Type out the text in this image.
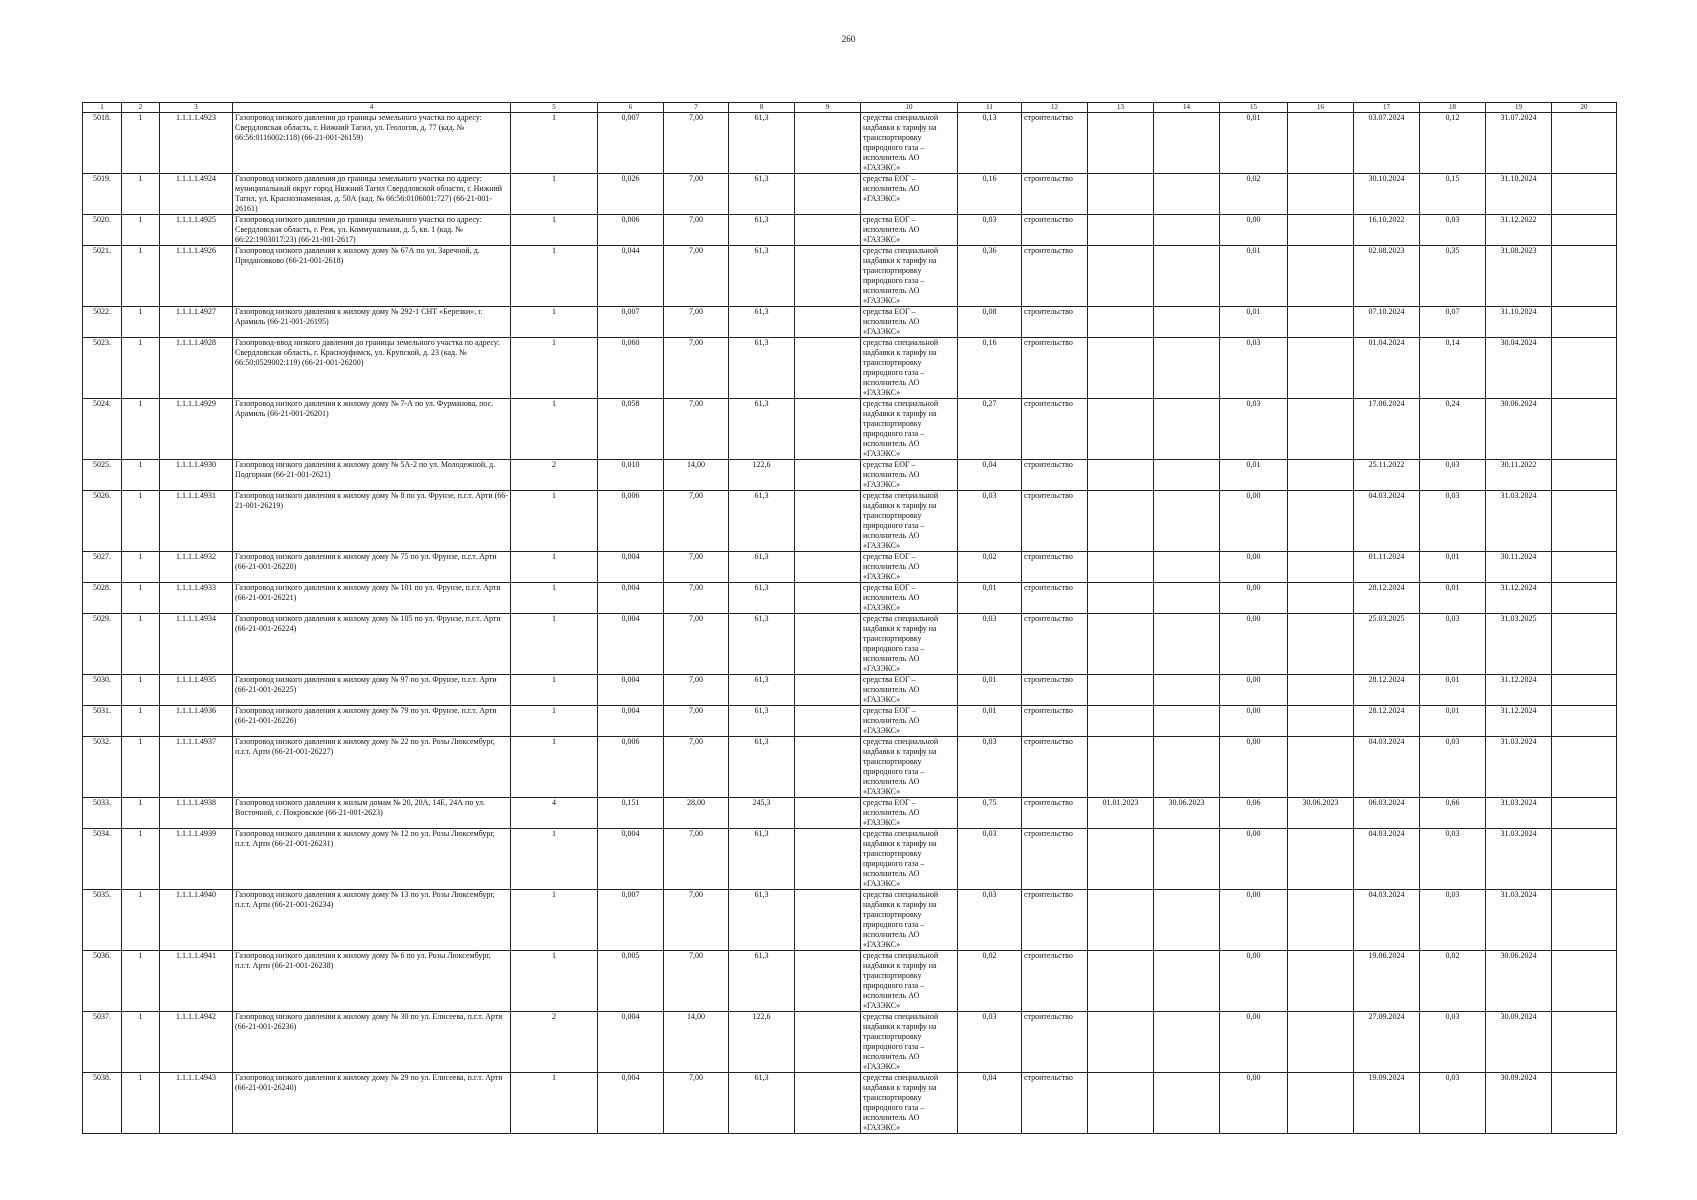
260
1	2	3	4	5	6	7	8	9	10	11	12	13	14	15	16	17	18	19	20
5018.	1	1.1.1.1.4923	Газопровод низкого давления до границы земельного участка по адресу: Свердловская область, г. Нижний Тагил, ул. Геологов, д. 77 (кад. № 66:56:0116002:118) (66-21-001-26159)	1	0,007	7,00	61,3		средства специальной надбавки к тарифу на транспортировку природного газа – исполнитель АО «ГАЗЭКС»	0,13	строительство			0,01		03.07.2024	0,12	31.07.2024	
5019.	1	1.1.1.1.4924	Газопровод низкого давления до границы земельного участка по адресу: муниципальный округ город Нижний Тагил Свердловской области, г. Нижний Тагил, ул. Краснознаменная, д. 50А (кад. № 66:56:0106001:727) (66-21-001-26161)	1	0,026	7,00	61,3		средства ЕОГ – исполнитель АО «ГАЗЭКС»	0,16	строительство			0,02		30.10.2024	0,15	31.10.2024	
5020.	1	1.1.1.1.4925	Газопровод низкого давления до границы земельного участка по адресу: Свердловская область, г. Реж, ул. Коммунальная, д. 5, кв. 1 (кад. № 66:22:1903017:23) (66-21-001-2617)	1	0,006	7,00	61,3		средства ЕОГ – исполнитель АО «ГАЗЭКС»	0,03	строительство			0,00		16.10.2022	0,03	31.12.2022	
5021.	1	1.1.1.1.4926	Газопровод низкого давления к жилому дому № 67А по ул. Заречной, д. Придановково (66-21-001-2618)	1	0,044	7,00	61,3		средства специальной надбавки к тарифу на транспортировку природного газа – исполнитель АО «ГАЗЭКС»	0,36	строительство			0,01		02.08.2023	0,35	31.08.2023	
5022.	1	1.1.1.1.4927	Газопровод низкого давления к жилому дому № 292-1 СНТ «Березки», г. Арамиль (66-21-001-26195)	1	0,007	7,00	61,3		средства ЕОГ – исполнитель АО «ГАЗЭКС»	0,08	строительство			0,01		07.10.2024	0,07	31.10.2024	
5023.	1	1.1.1.1.4928	Газопровод-ввод низкого давления до границы земельного участка по адресу: Свердловская область, г. Красноуфимск, ул. Крупской, д. 23 (кад. № 66:50:0529002:119) (66-21-001-26200)	1	0,060	7,00	61,3		средства специальной надбавки к тарифу на транспортировку природного газа – исполнитель АО «ГАЗЭКС»	0,16	строительство			0,03		01.04.2024	0,14	30.04.2024	
5024.	1	1.1.1.1.4929	Газопровод низкого давления к жилому дому № 7-А по ул. Фурманова, пос. Арамиль (66-21-001-26201)	1	0,058	7,00	61,3		средства специальной надбавки к тарифу на транспортировку природного газа – исполнитель АО «ГАЗЭКС»	0,27	строительство			0,03		17.06.2024	0,24	30.06.2024	
5025.	1	1.1.1.1.4930	Газопровод низкого давления к жилому дому № 5А-2 по ул. Молодежной, д. Подгорная (66-21-001-2621)	2	0,010	14,00	122,6		средства ЕОГ – исполнитель АО «ГАЗЭКС»	0,04	строительство			0,01		25.11.2022	0,03	30.11.2022	
5026.	1	1.1.1.1.4931	Газопровод низкого давления к жилому дому № 8 по ул. Фрунзе, п.г.т. Арти (66-21-001-26219)	1	0,006	7,00	61,3		средства специальной надбавки к тарифу на транспортировку природного газа – исполнитель АО «ГАЗЭКС»	0,03	строительство			0,00		04.03.2024	0,03	31.03.2024	
5027.	1	1.1.1.1.4932	Газопровод низкого давления к жилому дому № 75 по ул. Фрунзе, п.г.т. Арти (66-21-001-26220)	1	0,004	7,00	61,3		средства ЕОГ – исполнитель АО «ГАЗЭКС»	0,02	строительство			0,00		01.11.2024	0,01	30.11.2024	
5028.	1	1.1.1.1.4933	Газопровод низкого давления к жилому дому № 101 по ул. Фрунзе, п.г.т. Арти (66-21-001-26221)	1	0,004	7,00	61,3		средства ЕОГ – исполнитель АО «ГАЗЭКС»	0,01	строительство			0,00		28.12.2024	0,01	31.12.2024	
5029.	1	1.1.1.1.4934	Газопровод низкого давления к жилому дому № 105 по ул. Фрунзе, п.г.т. Арти (66-21-001-26224)	1	0,004	7,00	61,3		средства специальной надбавки к тарифу на транспортировку природного газа – исполнитель АО «ГАЗЭКС»	0,03	строительство			0,00		25.03.2025	0,03	31.03.2025	
5030.	1	1.1.1.1.4935	Газопровод низкого давления к жилому дому № 97 по ул. Фрунзе, п.г.т. Арти (66-21-001-26225)	1	0,004	7,00	61,3		средства ЕОГ – исполнитель АО «ГАЗЭКС»	0,01	строительство			0,00		28.12.2024	0,01	31.12.2024	
5031.	1	1.1.1.1.4936	Газопровод низкого давления к жилому дому № 79 по ул. Фрунзе, п.г.т. Арти (66-21-001-26226)	1	0,004	7,00	61,3		средства ЕОГ – исполнитель АО «ГАЗЭКС»	0,01	строительство			0,00		28.12.2024	0,01	31.12.2024	
5032.	1	1.1.1.1.4937	Газопровод низкого давления к жилому дому № 22 по ул. Розы Люксембург, п.г.т. Арти (66-21-001-26227)	1	0,006	7,00	61,3		средства специальной надбавки к тарифу на транспортировку природного газа – исполнитель АО «ГАЗЭКС»	0,03	строительство			0,00		04.03.2024	0,03	31.03.2024	
5033.	1	1.1.1.1.4938	Газопровод низкого давления к жилым домам № 20, 20А, 14Е, 24А по ул. Восточной, с. Покровское (66-21-001-2623)	4	0,151	28,00	245,3		средства ЕОГ – исполнитель АО «ГАЗЭКС»	0,75	строительство	01.01.2023	30.06.2023	0,06	30.06.2023	06.03.2024	0,66	31.03.2024	
5034.	1	1.1.1.1.4939	Газопровод низкого давления к жилому дому № 12 по ул. Розы Люксембург, п.г.т. Арти (66-21-001-26231)	1	0,004	7,00	61,3		средства специальной надбавки к тарифу на транспортировку природного газа – исполнитель АО «ГАЗЭКС»	0,03	строительство			0,00		04.03.2024	0,03	31.03.2024	
5035.	1	1.1.1.1.4940	Газопровод низкого давления к жилому дому № 13 по ул. Розы Люксембург, п.г.т. Арти (66-21-001-26234)	1	0,007	7,00	61,3		средства специальной надбавки к тарифу на транспортировку природного газа – исполнитель АО «ГАЗЭКС»	0,03	строительство			0,00		04.03.2024	0,03	31.03.2024	
5036.	1	1.1.1.1.4941	Газопровод низкого давления к жилому дому № 6 по ул. Розы Люксембург, п.г.т. Арти (66-21-001-26238)	1	0,005	7,00	61,3		средства специальной надбавки к тарифу на транспортировку природного газа – исполнитель АО «ГАЗЭКС»	0,02	строительство			0,00		19.06.2024	0,02	30.06.2024	
5037.	1	1.1.1.1.4942	Газопровод низкого давления к жилому дому № 30 по ул. Елисеева, п.г.т. Арти (66-21-001-26236)	2	0,004	14,00	122,6		средства специальной надбавки к тарифу на транспортировку природного газа – исполнитель АО «ГАЗЭКС»	0,03	строительство			0,00		27.09.2024	0,03	30.09.2024	
5038.	1	1.1.1.1.4943	Газопровод низкого давления к жилому дому № 29 по ул. Елисеева, п.г.т. Арти (66-21-001-26240)	1	0,004	7,00	61,3		средства специальной надбавки к тарифу на транспортировку природного газа – исполнитель АО «ГАЗЭКС»	0,04	строительство			0,00		19.09.2024	0,03	30.09.2024	
